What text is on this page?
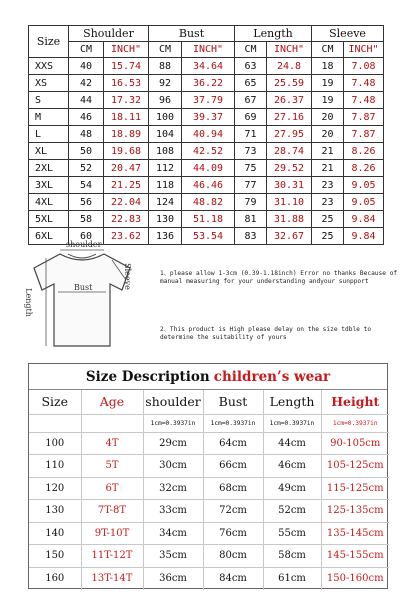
Size	Shoulder		Bust		Length		Sleeve	
	CM	INCH"	CM	INCH"	CM	INCH"	CM	INCH"
XXS	40	15.74	88	34.64	63	24.8	18	7.08
XS	42	16.53	92	36.22	65	25.59	19	7.48
S	44	17.32	96	37.79	67	26.37	19	7.48
M	46	18.11	100	39.37	69	27.16	20	7.87
L	48	18.89	104	40.94	71	27.95	20	7.87
XL	50	19.68	108	42.52	73	28.74	21	8.26
2XL	52	20.47	112	44.09	75	29.52	21	8.26
3XL	54	21.25	118	46.46	77	30.31	23	9.05
4XL	56	22.04	124	48.82	79	31.10	23	9.05
5XL	58	22.83	130	51.18	81	31.88	25	9.84
6XL	60	23.62	136	53.54	83	32.67	25	9.84
shoulder
Bust
Length
Sleeve	1、please allow 1-3cm (0.39-1.18inch) Error no thanks Because of manual measuring for your understanding andyour sunpport

2、This product is High please delay on the size tdble to determine the suitability of yours

Size Description children’s wear
Size	Age	shoulder	Bust	Length	Height
		1cm=0.3937in	1cm=0.3937in	1cm=0.3937in	1cm=0.3937in
100	4T	29cm	64cm	44cm	90-105cm
110	5T	30cm	66cm	46cm	105-125cm
120	6T	32cm	68cm	49cm	115-125cm
130	7T-8T	33cm	72cm	52cm	125-135cm
140	9T-10T	34cm	76cm	55cm	135-145cm
150	11T-12T	35cm	80cm	58cm	145-155cm
160	13T-14T	36cm	84cm	61cm	150-160cm
